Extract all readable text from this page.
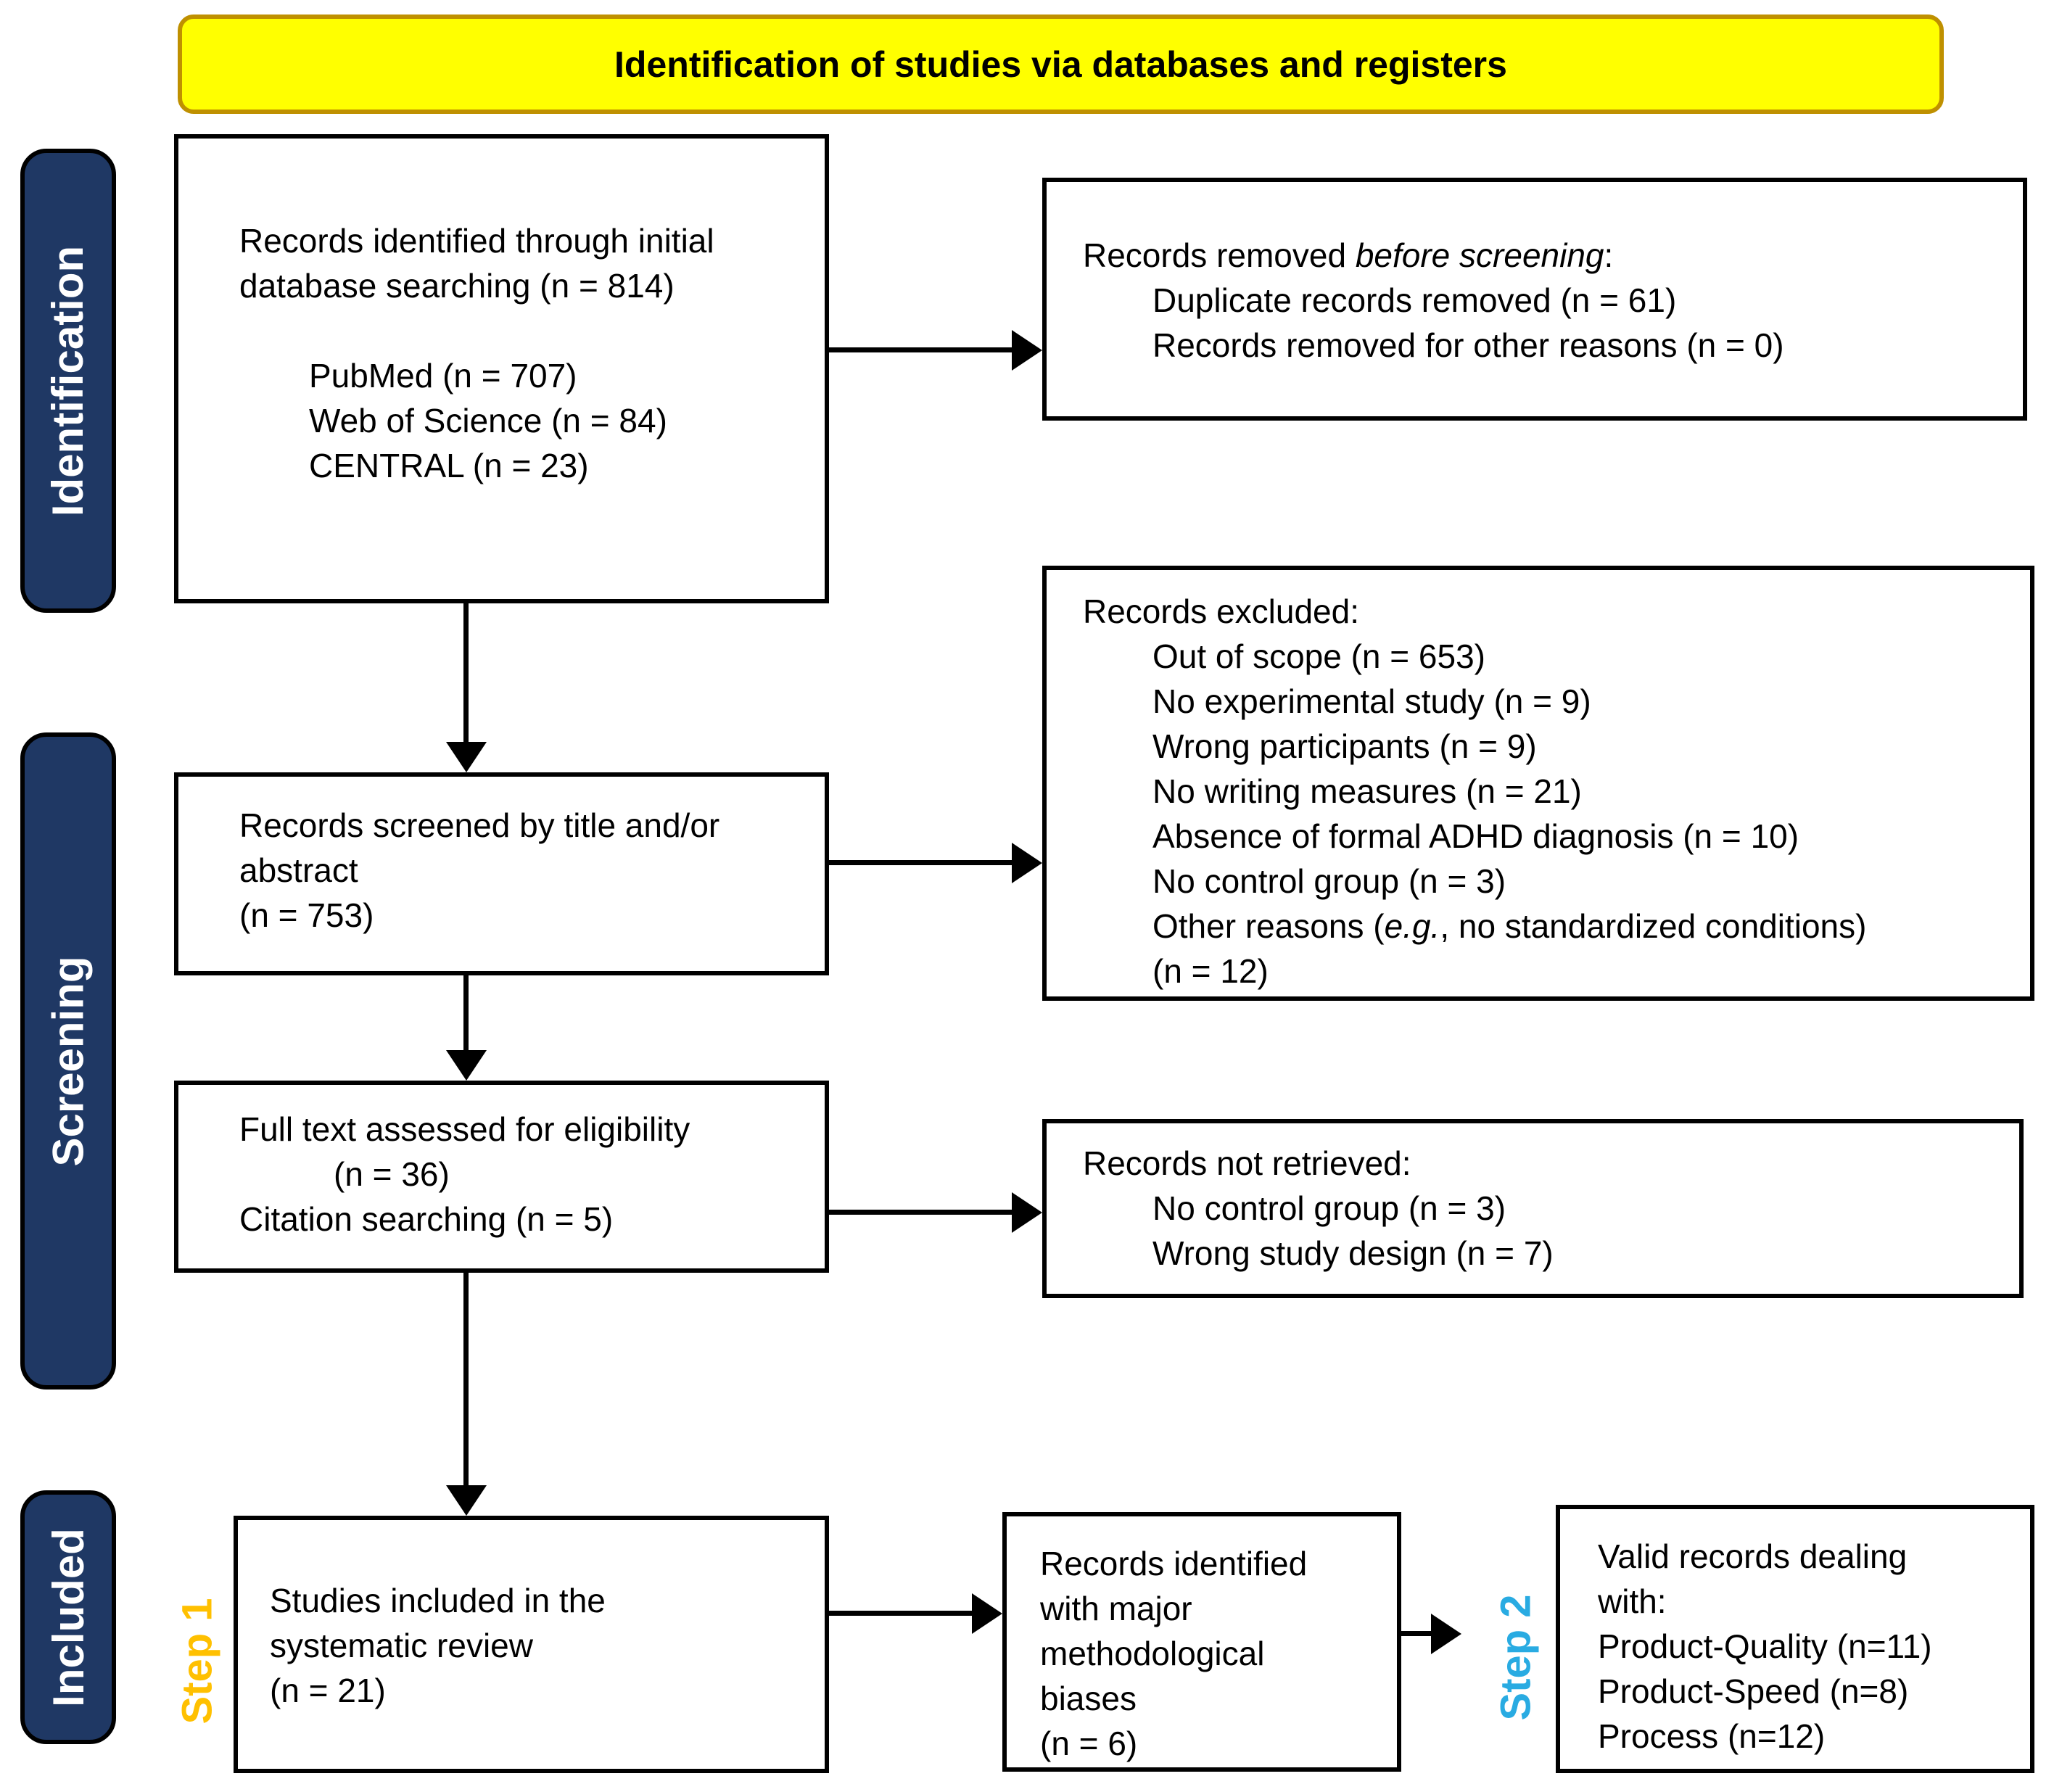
Identification of studies via databases and registers
Identification
Screening
Included
Records identified through initial
database searching (n = 814)
PubMed (n = 707)
Web of Science (n = 84)
CENTRAL (n = 23)
Records removed before screening:
Duplicate records removed (n = 61)
Records removed for other reasons (n = 0)
Records screened by title and/or
abstract
(n = 753)
Records excluded:
Out of scope (n = 653)
No experimental study (n = 9)
Wrong participants (n = 9)
No writing measures (n = 21)
Absence of formal ADHD diagnosis (n = 10)
No control group (n = 3)
Other reasons (e.g., no standardized conditions)
(n = 12)
Full text assessed for eligibility
(n = 36)
Citation searching (n = 5)
Records not retrieved:
No control group (n = 3)
Wrong study design (n = 7)
Step 1	Step 2
Studies included in the
systematic review
(n = 21)
Records identified
with major
methodological
biases
(n = 6)
Valid records dealing
with:
Product-Quality (n=11)
Product-Speed (n=8)
Process (n=12)
